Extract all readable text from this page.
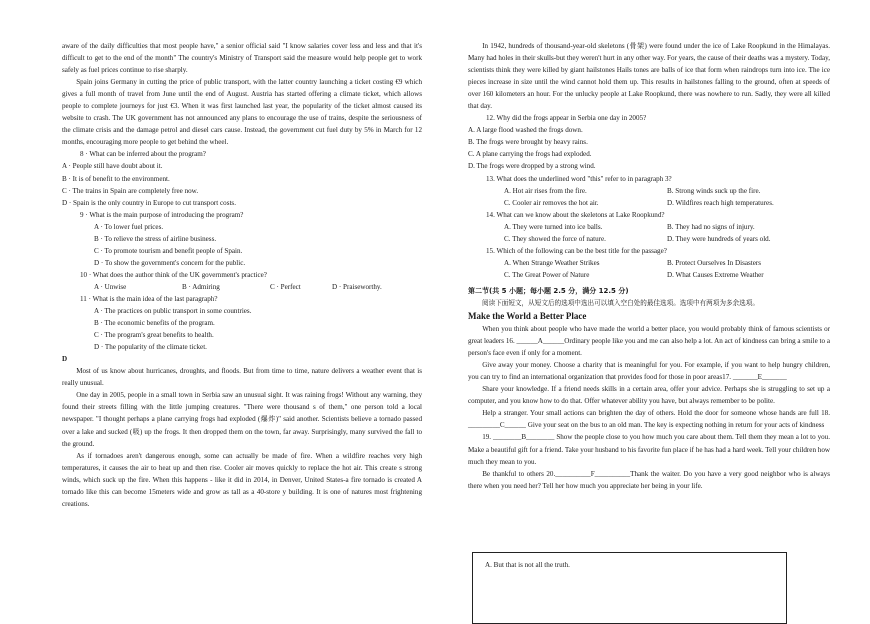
aware of the daily difficulties that most people have," a senior official said "I know salaries cover less and less and that it's difficult to get to the end of the month" The country's Ministry of Transport said the measure would help people get to work safely as fuel prices continue to rise sharply.

Spain joins Germany in cutting the price of public transport, with the latter country launching a ticket costing €9 which gives a full month of travel from June until the end of August. Austria has started offering a climate ticket, which allows people to complete journeys for just €3. When it was first launched last year, the popularity of the ticket almost caused its website to crash. The UK government has not announced any plans to encourage the use of trains, despite the seriousness of the climate crisis and the damage petrol and diesel cars cause. Instead, the government cut fuel duty by 5% in March for 12 months, encouraging more people to get behind the wheel.

8 · What can be inferred about the program?

A · People still have doubt about it.

B · It is of benefit to the environment.

C · The trains in Spain are completely free now.

D · Spain is the only country in Europe to cut transport costs.

9 · What is the main purpose of introducing the program?

A · To lower fuel prices.

B · To relieve the stress of airline business.

C · To promote tourism and benefit people of Spain.

D · To show the government's concern for the public.

10 · What does the author think of the UK government's practice?

A · Unwise	B · Admiring	C · Perfect	D · Praiseworthy.

11 · What is the main idea of the last paragraph?

A · The practices on public transport in some countries.

B · The economic benefits of the program.

C · The program's great benefits to health.

D · The popularity of the climate ticket.

D

Most of us know about hurricanes, droughts, and floods. But from time to time, nature delivers a weather event that is really unusual.

One day in 2005, people in a small town in Serbia saw an unusual sight. It was raining frogs! Without any warning, they found their streets filling with the little jumping creatures. "There were thousand s of them," one person told a local newspaper. "I thought perhaps a plane carrying frogs had exploded (爆炸)" said another. Scientists believe a tornado passed over a lake and sucked (吸) up the frogs. It then dropped them on the town, far away. Surprisingly, many survived the fall to the ground.

As if tornadoes aren't dangerous enough, some can actually be made of fire. When a wildfire reaches very high temperatures, it causes the air to heat up and then rise. Cooler air moves quickly to replace the hot air. This create s strong winds, which suck up the fire. When this happens - like it did in 2014, in Denver, United States-a fire tornado is created A tornado like this can become 15meters wide and grow as tall as a 40-store y building. It is one of natures most frightening creations.

In 1942, hundreds of thousand-year-old skeletons (骨架) were found under the ice of Lake Roopkund in the Himalayas. Many had holes in their skulls-but they weren't hurt in any other way. For years, the cause of their deaths was a mystery. Today, scientists think they were killed by giant hailstones Hails tones are balls of ice that form when raindrops turn into ice. The ice pieces increase in size until the wind cannot hold them up. This results in hailstones falling to the ground, often at speeds of over 160 kilometers an hour. For the unlucky people at Lake Roopkund, there was nowhere to run. Sadly, they were all killed that day.

12. Why did the frogs appear in Serbia one day in 2005?

A. A large flood washed the frogs down.

B. The frogs were brought by heavy rains.

C. A plane carrying the frogs had exploded.

D. The frogs were dropped by a strong wind.

13. What does the underlined word "this" refer to in paragraph 3?

A. Hot air rises from the fire.	B. Strong winds suck up the fire.
C. Cooler air removes the hot air.	D. Wildfires reach high temperatures.

14. What can we know about the skeletons at Lake Roopkund?

A. They were turned into ice balls.	B. They had no signs of injury.
C. They showed the force of nature.	D. They were hundreds of years old.

15. Which of the following can be the best title for the passage?

A. When Strange Weather Strikes	B. Protect Ourselves In Disasters
C. The Great Power of Nature	D. What Causes Extreme Weather

第二节(共 5 小题；每小题 2.5 分，满分 12.5 分)

阅读下面短文，从短文后的选项中选出可以填入空白处的最佳选项。选项中有两项为多余选项。

Make the World a Better Place

When you think about people who have made the world a better place, you would probably think of famous scientists or great leaders 16. ______A______Ordinary people like you and me can also help a lot. An act of kindness can bring a smile to a person's face even if only for a moment.

Give away your money. Choose a charity that is meaningful for you. For example, if you want to help hungry children, you can try to find an international organization that provides food for those in poor areas17. _______E_______

Share your knowledge. If a friend needs skills in a certain area, offer your advice. Perhaps she is struggling to set up a computer, and you know how to do that. Offer whatever ability you have, but always remember to be polite.

Help a stranger. Your small actions can brighten the day of others. Hold the door for someone whose hands are full 18. _________C______ Give your seat on the bus to an old man. The key is expecting nothing in return for your acts of kindness

19. ________B________ Show the people close to you how much you care about them. Tell them they mean a lot to you. Make a beautiful gift for a friend. Take your husband to his favorite fun place if he has had a hard week. Tell your children how much they mean to you.

Be thankful to others 20.__________F__________Thank the waiter. Do you have a very good neighbor who is always there when you need her? Tell her how much you appreciate her being in your life.

A. But that is not all the truth.
